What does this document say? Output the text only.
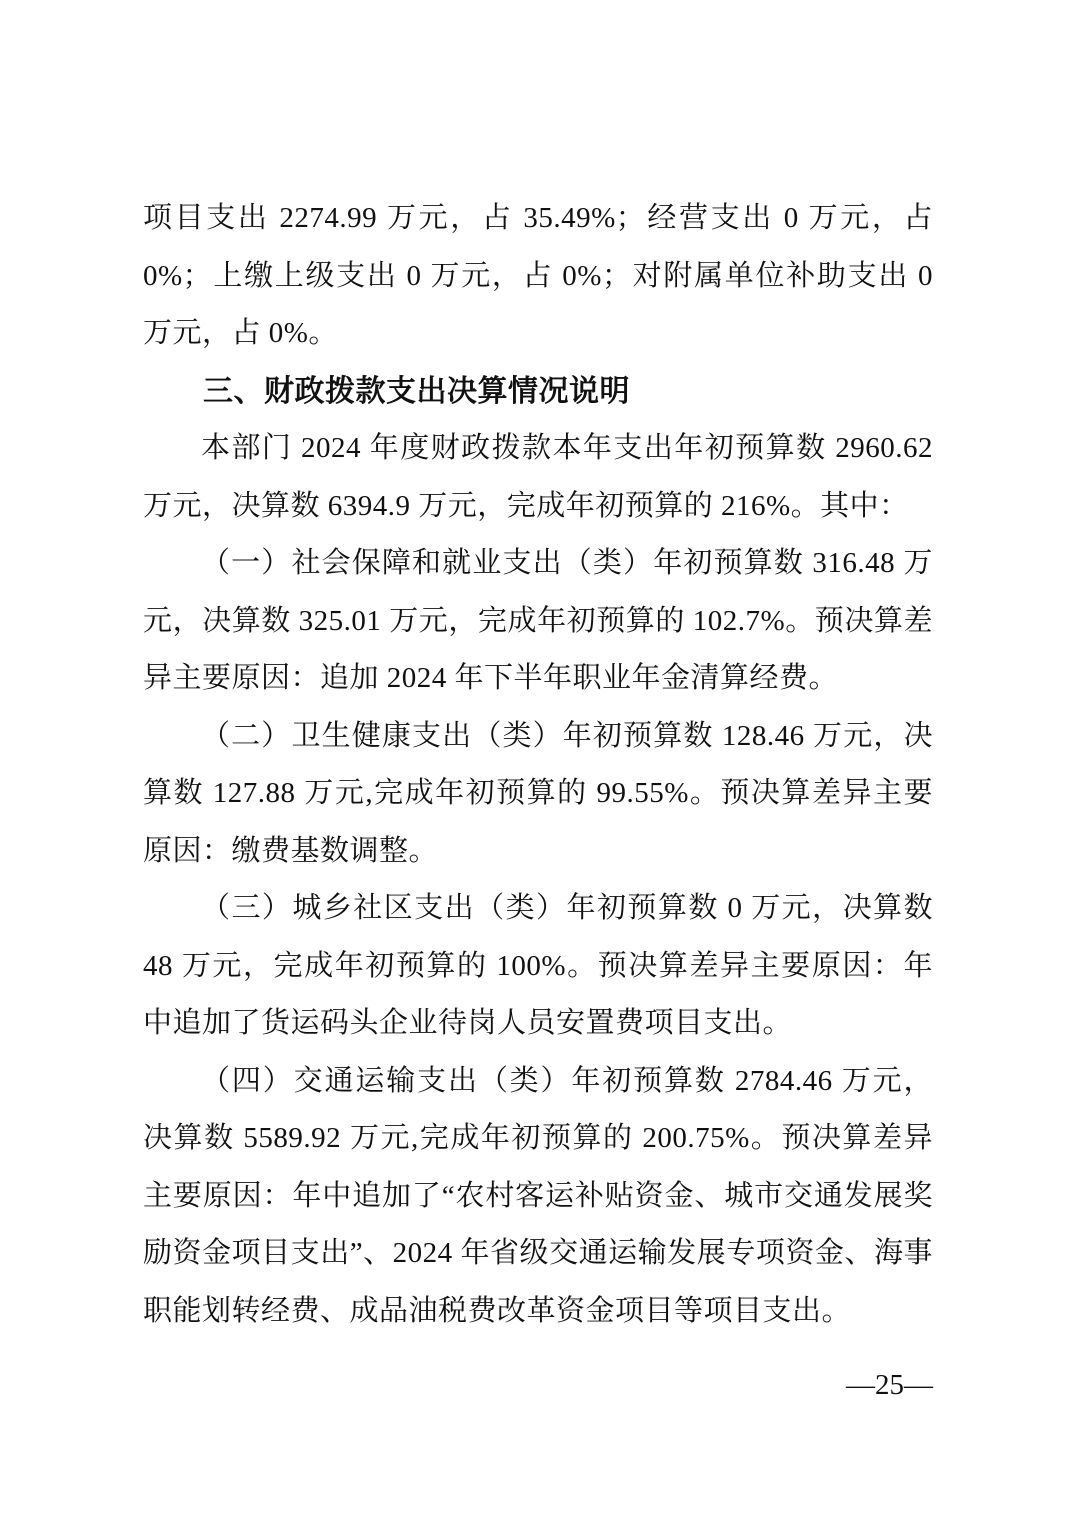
项目支出 2274.99 万元，占 35.49%；经营支出 0 万元，占 0%；上缴上级支出 0 万元，占 0%；对附属单位补助支出 0 万元，占 0%。

三、财政拨款支出决算情况说明

本部门 2024 年度财政拨款本年支出年初预算数 2960.62 万元，决算数 6394.9 万元，完成年初预算的 216%。其中：

（一）社会保障和就业支出（类）年初预算数 316.48 万元，决算数 325.01 万元，完成年初预算的 102.7%。预决算差异主要原因：追加 2024 年下半年职业年金清算经费。

（二）卫生健康支出（类）年初预算数 128.46 万元，决算数 127.88 万元,完成年初预算的 99.55%。预决算差异主要原因：缴费基数调整。

（三）城乡社区支出（类）年初预算数 0 万元，决算数 48 万元，完成年初预算的 100%。预决算差异主要原因：年中追加了货运码头企业待岗人员安置费项目支出。

（四）交通运输支出（类）年初预算数 2784.46 万元，决算数 5589.92 万元,完成年初预算的 200.75%。预决算差异主要原因：年中追加了“农村客运补贴资金、城市交通发展奖励资金项目支出”、2024 年省级交通运输发展专项资金、海事职能划转经费、成品油税费改革资金项目等项目支出。

—25—
